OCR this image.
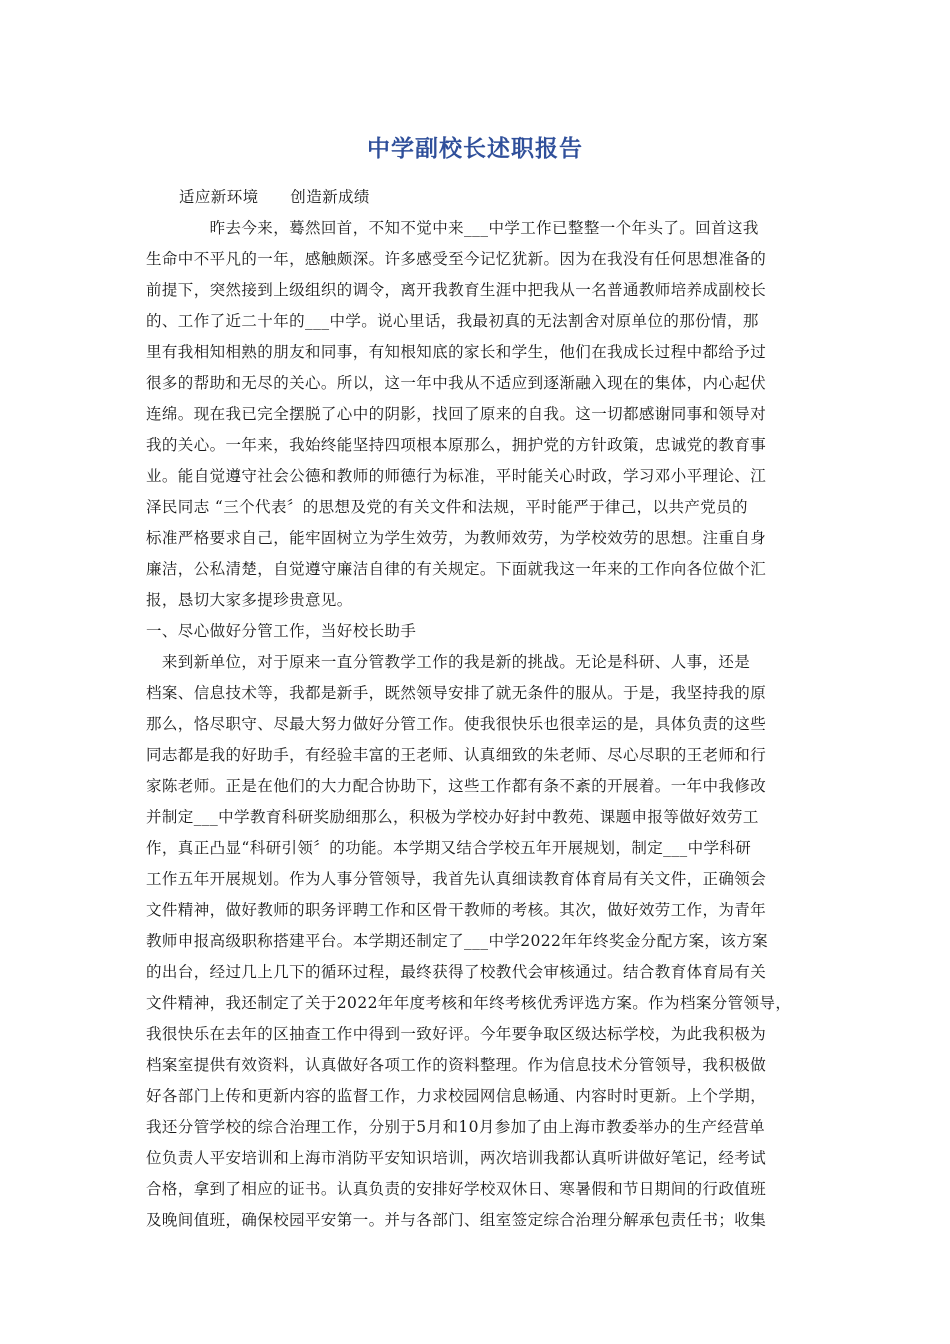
中学副校长述职报告
适应新环境　　创造新成绩
　　　　昨去今来，蓦然回首，不知不觉中来___中学工作已整整一个年头了。回首这我
生命中不平凡的一年，感触颇深。许多感受至今记忆犹新。因为在我没有任何思想准备的
前提下，突然接到上级组织的调令，离开我教育生涯中把我从一名普通教师培养成副校长
的、工作了近二十年的___中学。说心里话，我最初真的无法割舍对原单位的那份情，那
里有我相知相熟的朋友和同事，有知根知底的家长和学生，他们在我成长过程中都给予过
很多的帮助和无尽的关心。所以，这一年中我从不适应到逐渐融入现在的集体，内心起伏
连绵。现在我已完全摆脱了心中的阴影，找回了原来的自我。这一切都感谢同事和领导对
我的关心。一年来，我始终能坚持四项根本原那么，拥护党的方针政策，忠诚党的教育事
业。能自觉遵守社会公德和教师的师德行为标准，平时能关心时政，学习邓小平理论、江
泽民同志 “三个代表〞的思想及党的有关文件和法规，平时能严于律己，以共产党员的
标准严格要求自己，能牢固树立为学生效劳，为教师效劳，为学校效劳的思想。注重自身
廉洁，公私清楚，自觉遵守廉洁自律的有关规定。下面就我这一年来的工作向各位做个汇
报，恳切大家多提珍贵意见。
一、尽心做好分管工作，当好校长助手
　来到新单位，对于原来一直分管教学工作的我是新的挑战。无论是科研、人事，还是
档案、信息技术等，我都是新手，既然领导安排了就无条件的服从。于是，我坚持我的原
那么，恪尽职守、尽最大努力做好分管工作。使我很快乐也很幸运的是，具体负责的这些
同志都是我的好助手，有经验丰富的王老师、认真细致的朱老师、尽心尽职的王老师和行
家陈老师。正是在他们的大力配合协助下，这些工作都有条不紊的开展着。一年中我修改
并制定___中学教育科研奖励细那么，积极为学校办好封中教苑、课题申报等做好效劳工
作，真正凸显“科研引领〞的功能。本学期又结合学校五年开展规划，制定___中学科研
工作五年开展规划。作为人事分管领导，我首先认真细读教育体育局有关文件，正确领会
文件精神，做好教师的职务评聘工作和区骨干教师的考核。其次，做好效劳工作，为青年
教师申报高级职称搭建平台。本学期还制定了___中学2022年年终奖金分配方案，该方案
的出台，经过几上几下的循环过程，最终获得了校教代会审核通过。结合教育体育局有关
文件精神，我还制定了关于2022年年度考核和年终考核优秀评选方案。作为档案分管领导，
我很快乐在去年的区抽查工作中得到一致好评。今年要争取区级达标学校，为此我积极为
档案室提供有效资料，认真做好各项工作的资料整理。作为信息技术分管领导，我积极做
好各部门上传和更新内容的监督工作，力求校园网信息畅通、内容时时更新。上个学期，
我还分管学校的综合治理工作，分别于5月和10月参加了由上海市教委举办的生产经营单
位负责人平安培训和上海市消防平安知识培训，两次培训我都认真听讲做好笔记，经考试
合格，拿到了相应的证书。认真负责的安排好学校双休日、寒暑假和节日期间的行政值班
及晚间值班，确保校园平安第一。并与各部门、组室签定综合治理分解承包责任书；收集
